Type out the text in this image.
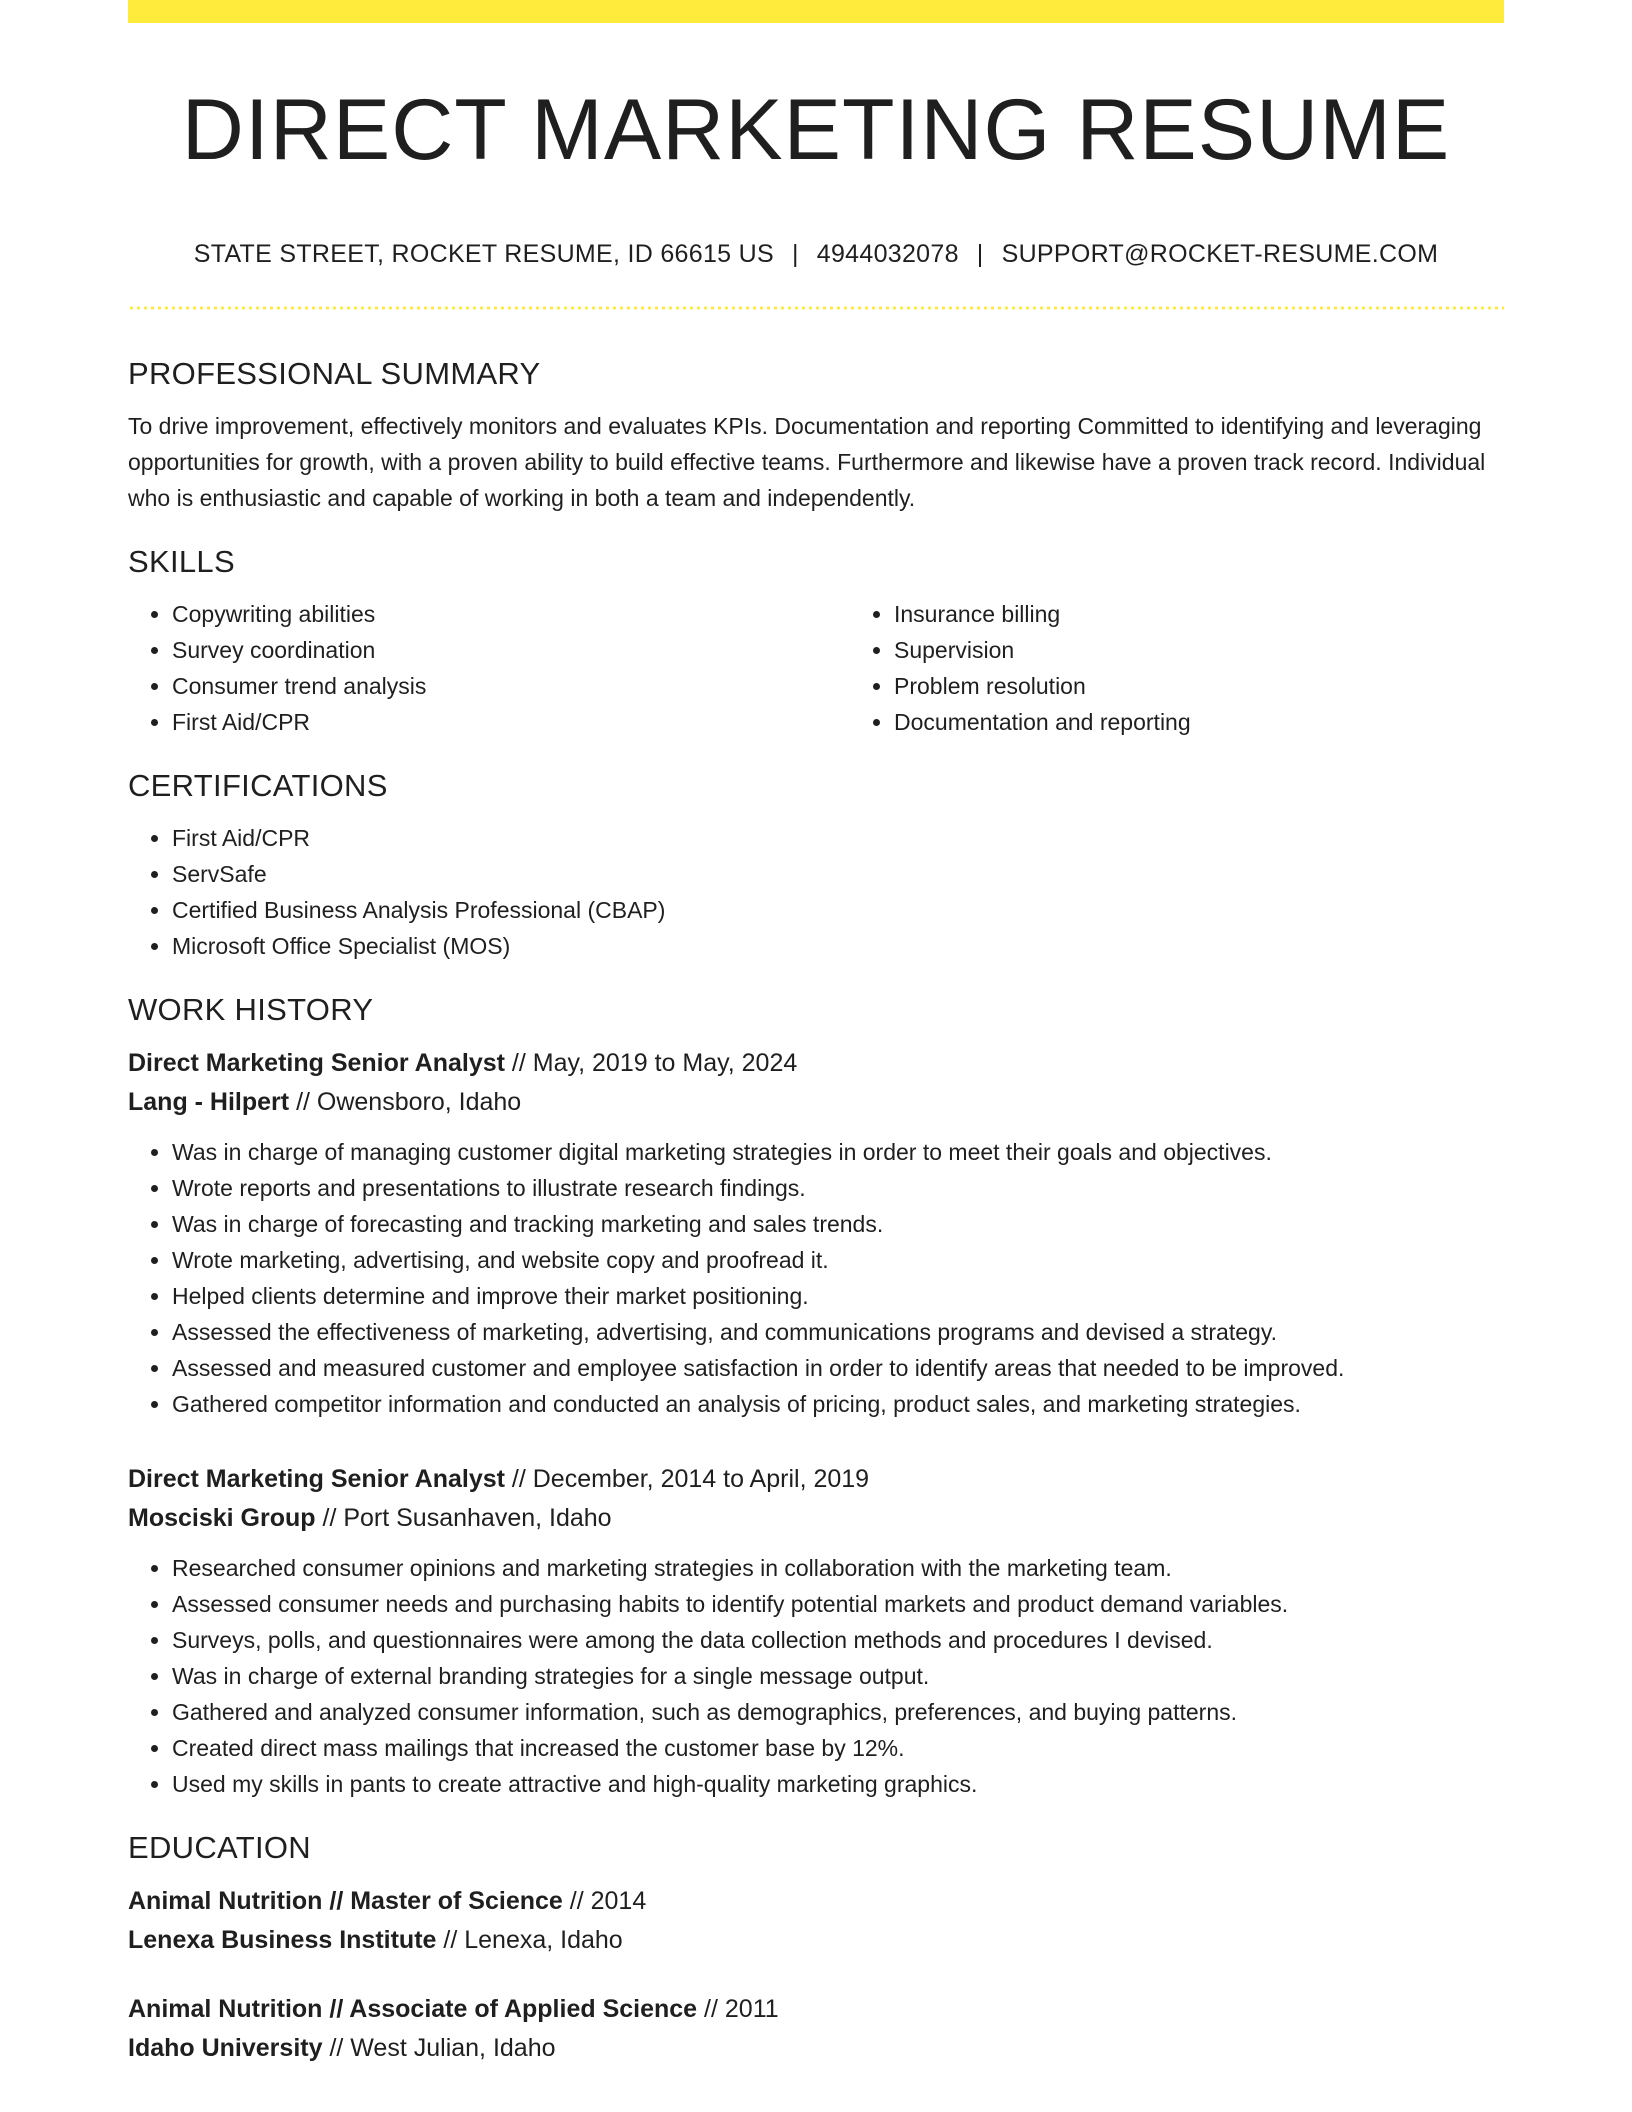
DIRECT MARKETING RESUME
STATE STREET, ROCKET RESUME, ID 66615 US | 4944032078 | SUPPORT@ROCKET-RESUME.COM
PROFESSIONAL SUMMARY

To drive improvement, effectively monitors and evaluates KPIs. Documentation and reporting Committed to identifying and leveraging opportunities for growth, with a proven ability to build effective teams. Furthermore and likewise have a proven track record. Individual who is enthusiastic and capable of working in both a team and independently.

SKILLS
• Copywriting abilities
• Survey coordination
• Consumer trend analysis
• First Aid/CPR
• Insurance billing
• Supervision
• Problem resolution
• Documentation and reporting
CERTIFICATIONS
• First Aid/CPR
• ServSafe
• Certified Business Analysis Professional (CBAP)
• Microsoft Office Specialist (MOS)
WORK HISTORY
Direct Marketing Senior Analyst // May, 2019 to May, 2024
Lang - Hilpert // Owensboro, Idaho
• Was in charge of managing customer digital marketing strategies in order to meet their goals and objectives.
• Wrote reports and presentations to illustrate research findings.
• Was in charge of forecasting and tracking marketing and sales trends.
• Wrote marketing, advertising, and website copy and proofread it.
• Helped clients determine and improve their market positioning.
• Assessed the effectiveness of marketing, advertising, and communications programs and devised a strategy.
• Assessed and measured customer and employee satisfaction in order to identify areas that needed to be improved.
• Gathered competitor information and conducted an analysis of pricing, product sales, and marketing strategies.
Direct Marketing Senior Analyst // December, 2014 to April, 2019
Mosciski Group // Port Susanhaven, Idaho
• Researched consumer opinions and marketing strategies in collaboration with the marketing team.
• Assessed consumer needs and purchasing habits to identify potential markets and product demand variables.
• Surveys, polls, and questionnaires were among the data collection methods and procedures I devised.
• Was in charge of external branding strategies for a single message output.
• Gathered and analyzed consumer information, such as demographics, preferences, and buying patterns.
• Created direct mass mailings that increased the customer base by 12%.
• Used my skills in pants to create attractive and high-quality marketing graphics.
EDUCATION
Animal Nutrition // Master of Science // 2014
Lenexa Business Institute // Lenexa, Idaho
Animal Nutrition // Associate of Applied Science // 2011
Idaho University // West Julian, Idaho
